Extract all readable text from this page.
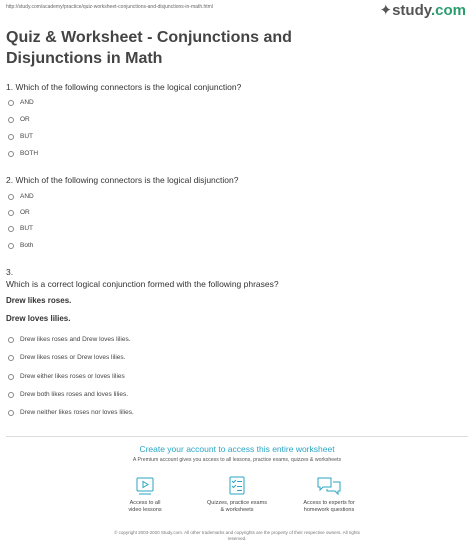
http://study.com/academy/practice/quiz-worksheet-conjunctions-and-disjunctions-in-math.html	✦study.com
Quiz & Worksheet - Conjunctions and Disjunctions in Math
1. Which of the following connectors is the logical conjunction?
AND
OR
BUT
BOTH
2. Which of the following connectors is the logical disjunction?
AND
OR
BUT
Both
3.
Which is a correct logical conjunction formed with the following phrases?
Drew likes roses.
Drew loves lilies.
Drew likes roses and Drew loves lilies.
Drew likes roses or Drew loves lilies.
Drew either likes roses or loves lilies
Drew both likes roses and loves lilies.
Drew neither likes roses nor loves lilies.
Create your account to access this entire worksheet
A Premium account gives you access to all lessons, practice exams, quizzes & worksheets
Access to all
video lessons
Quizzes, practice exams
& worksheets
Access to experts for
homework questions
© copyright 2003-2020 Study.com. All other trademarks and copyrights are the property of their respective owners. All rights
reserved.
